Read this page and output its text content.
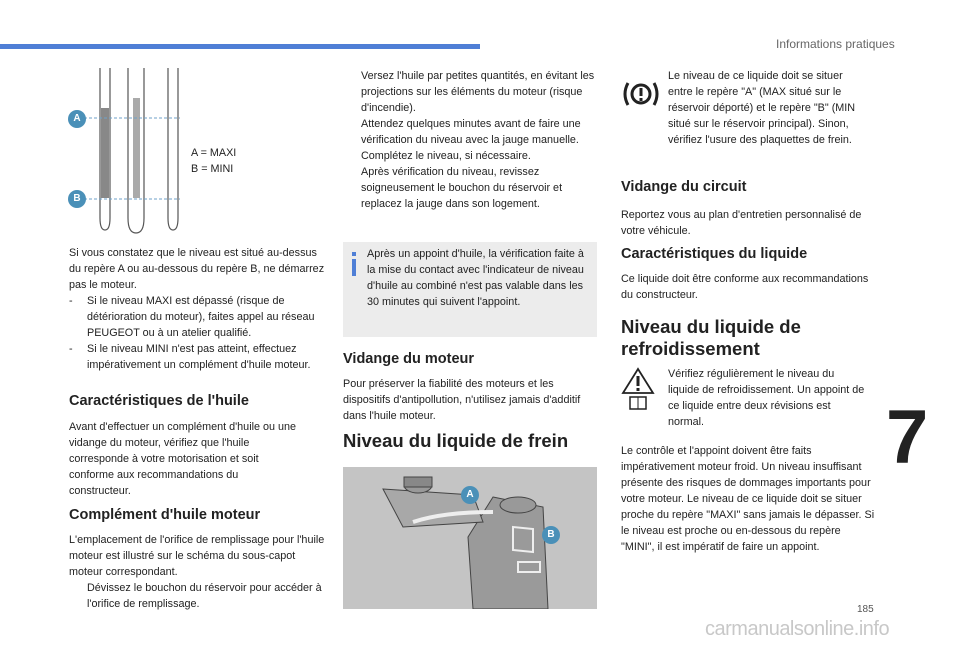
Informations pratiques
A
B

A = MAXI

B = MINI

Si vous constatez que le niveau est situé au-dessus du repère A ou au-dessous du repère B, ne démarrez pas le moteur.

- Si le niveau MAXI est dépassé (risque de détérioration du moteur), faites appel au réseau PEUGEOT ou à un atelier qualifié.

- Si le niveau MINI n'est pas atteint, effectuez impérativement un complément d'huile moteur.

Caractéristiques de l'huile
Avant d'effectuer un complément d'huile ou une vidange du moteur, vérifiez que l'huile corresponde à votre motorisation et soit conforme aux recommandations du constructeur.
Complément d'huile moteur

L'emplacement de l'orifice de remplissage pour l'huile moteur est illustré sur le schéma du sous-capot moteur correspondant.

Dévissez le bouchon du réservoir pour accéder à l'orifice de remplissage.

Versez l'huile par petites quantités, en évitant les projections sur les éléments du moteur (risque d'incendie).

Attendez quelques minutes avant de faire une vérification du niveau avec la jauge manuelle.

Complétez le niveau, si nécessaire.

Après vérification du niveau, revissez soigneusement le bouchon du réservoir et replacez la jauge dans son logement.

Après un appoint d'huile, la vérification faite à la mise du contact avec l'indicateur de niveau d'huile au combiné n'est pas valable dans les 30 minutes qui suivent l'appoint.
Vidange du moteur
Pour préserver la fiabilité des moteurs et les dispositifs d'antipollution, n'utilisez jamais d'additif dans l'huile moteur.
Niveau du liquide de frein
A
B
Le niveau de ce liquide doit se situer entre le repère "A" (MAX situé sur le réservoir déporté) et le repère "B" (MIN situé sur le réservoir principal). Sinon, vérifiez l'usure des plaquettes de frein.
Vidange du circuit
Reportez vous au plan d'entretien personnalisé de votre véhicule.
Caractéristiques du liquide
Ce liquide doit être conforme aux recommandations du constructeur.
Niveau du liquide de refroidissement
Vérifiez régulièrement le niveau du liquide de refroidissement. Un appoint de ce liquide entre deux révisions est normal.
Le contrôle et l'appoint doivent être faits impérativement moteur froid. Un niveau insuffisant présente des risques de dommages importants pour votre moteur. Le niveau de ce liquide doit se situer proche du repère "MAXI" sans jamais le dépasser. Si le niveau est proche ou en-dessous du repère "MINI", il est impératif de faire un appoint.
7
185
carmanualsonline.info
